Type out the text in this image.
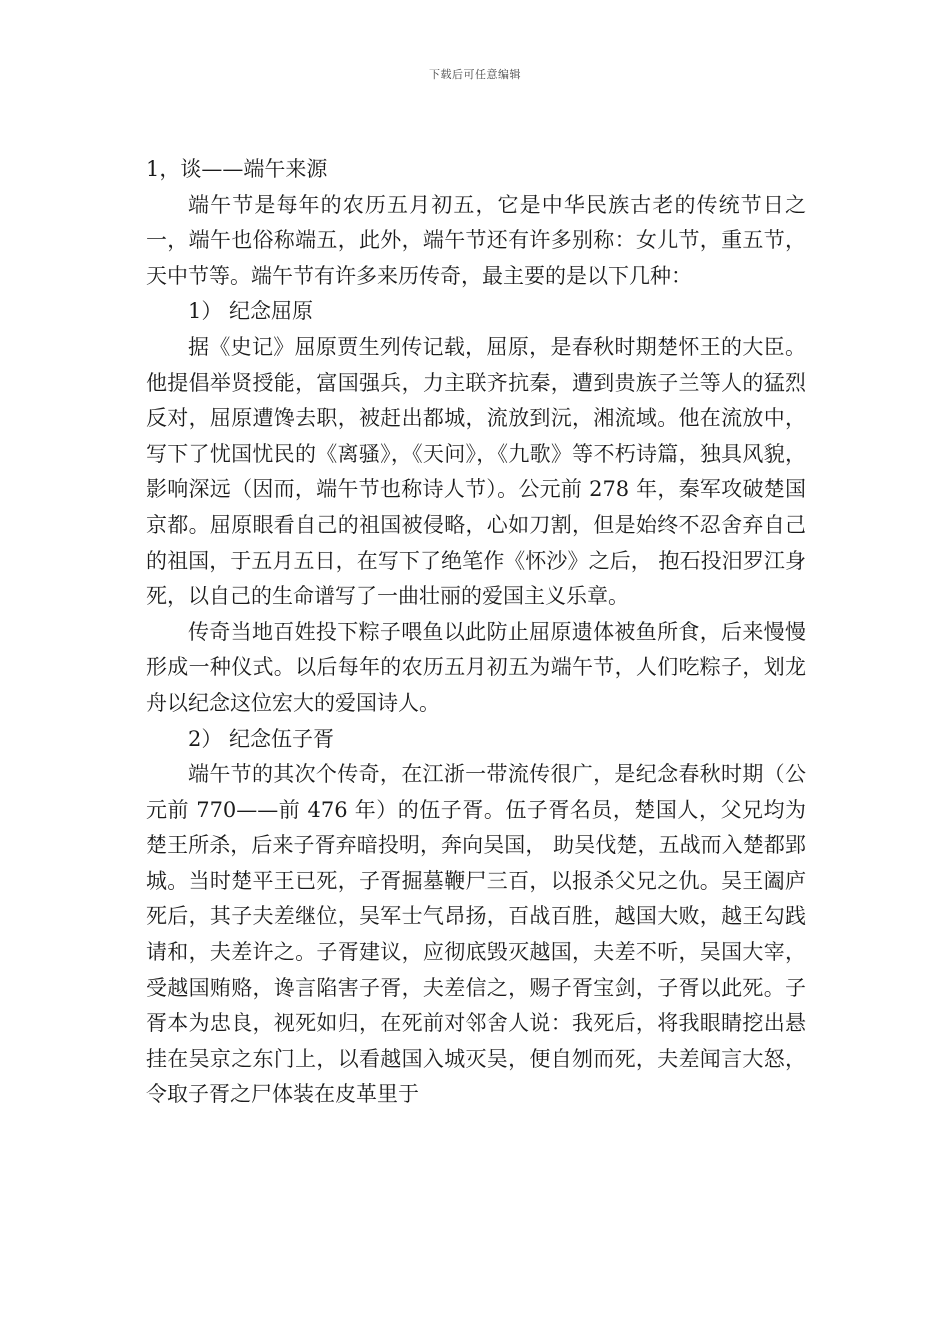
下载后可任意编辑

1，谈——端午来源

端午节是每年的农历五月初五，它是中华民族古老的传统节日之一，端午也俗称端五，此外，端午节还有许多别称：女儿节，重五节，天中节等。端午节有许多来历传奇，最主要的是以下几种：

1） 纪念屈原

据《史记》屈原贾生列传记载，屈原，是春秋时期楚怀王的大臣。他提倡举贤授能，富国强兵，力主联齐抗秦，遭到贵族子兰等人的猛烈反对，屈原遭馋去职，被赶出都城，流放到沅，湘流域。他在流放中，写下了忧国忧民的《离骚》，《天问》，《九歌》等不朽诗篇，独具风貌，影响深远（因而，端午节也称诗人节）。公元前 278 年，秦军攻破楚国京都。屈原眼看自己的祖国被侵略，心如刀割，但是始终不忍舍弃自己的祖国，于五月五日，在写下了绝笔作《怀沙》之后， 抱石投汨罗江身死，以自己的生命谱写了一曲壮丽的爱国主义乐章。

传奇当地百姓投下粽子喂鱼以此防止屈原遗体被鱼所食，后来慢慢形成一种仪式。以后每年的农历五月初五为端午节，人们吃粽子，划龙舟以纪念这位宏大的爱国诗人。

2） 纪念伍子胥

端午节的其次个传奇，在江浙一带流传很广，是纪念春秋时期（公元前 770——前 476 年）的伍子胥。伍子胥名员，楚国人，父兄均为楚王所杀，后来子胥弃暗投明，奔向吴国， 助吴伐楚，五战而入楚都郢城。当时楚平王已死，子胥掘墓鞭尸三百，以报杀父兄之仇。吴王阖庐死后，其子夫差继位，吴军士气昂扬，百战百胜，越国大败，越王勾践请和，夫差许之。子胥建议，应彻底毁灭越国，夫差不听，吴国大宰，受越国贿赂，谗言陷害子胥，夫差信之，赐子胥宝剑，子胥以此死。子胥本为忠良，视死如归，在死前对邻舍人说：我死后，将我眼睛挖出悬挂在吴京之东门上，以看越国入城灭吴，便自刎而死，夫差闻言大怒，令取子胥之尸体装在皮革里于
